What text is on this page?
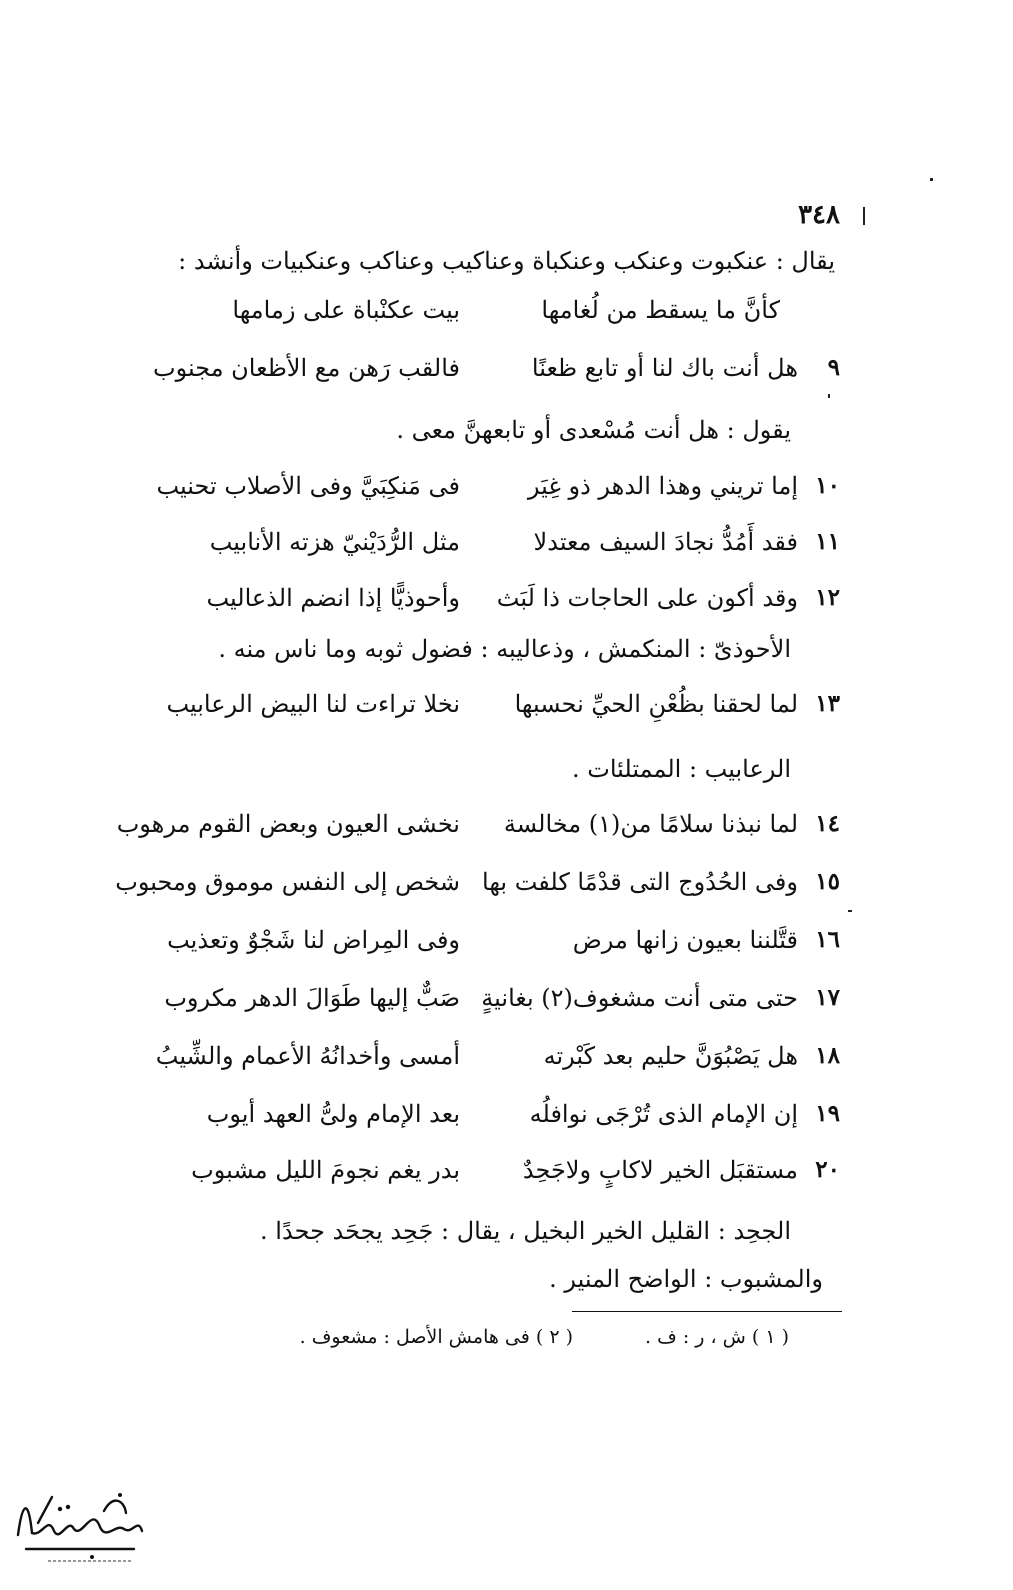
٣٤٨
يقال : عنكبوت وعنكب وعنكباة وعناكيب وعناكب وعنكبيات وأنشد :
كأنَّ ما يسقط من لُغامها
بيت عكنْباة على زمامها
٩
هل أنت باك لنا أو تابع ظعنًا
فالقب رَهن مع الأظعان مجنوب
يقول : هل أنت مُسْعدى أو تابعهنَّ معى .
١٠
إما تريني وهذا الدهر ذو غِيَر
فى مَنكِبَيَّ وفى الأصلاب تحنيب
١١
فقد أَمُدُّ نجادَ السيف معتدلا
مثل الرُّدَيْنيّ هزته الأنابيب
١٢
وقد أكون على الحاجات ذا لَبَث
وأحوذيًّا إذا انضم الذعاليب
الأحوذىّ : المنكمش ، وذعاليبه : فضول ثوبه وما ناس منه .
١٣
لما لحقنا بظُعْنِ الحيِّ نحسبها
نخلا تراءت لنا البيض الرعابيب
الرعابيب : الممتلئات .
١٤
لما نبذنا سلامًا من(١) مخالسة
نخشى العيون وبعض القوم مرهوب
١٥
وفى الحُدُوج التى قدْمًا كلفت بها
شخص إلى النفس موموق ومحبوب
١٦
قتَّلننا بعيون زانها مرض
وفى المِراض لنا شَجْوٌ وتعذيب
١٧
حتى متى أنت مشغوف(٢) بغانيةٍ
صَبٌّ إليها طَوَالَ الدهر مكروب
١٨
هل يَصْبُوَنَّ حليم بعد كَبْرته
أمسى وأخدانُهُ الأعمام والشِّيبُ
١٩
إن الإمام الذى تُرْجَى نوافلُه
بعد الإمام ولىُّ العهد أيوب
٢٠
مستقبَل الخير لاكابٍ ولاجَحِدٌ
بدر يغم نجومَ الليل مشبوب
الجحِد : القليل الخير البخيل ، يقال : جَحِد يجحَد جحدًا .
والمشبوب : الواضح المنير .
( ١ ) ش ، ر : ف .
( ٢ ) فى هامش الأصل : مشعوف .
